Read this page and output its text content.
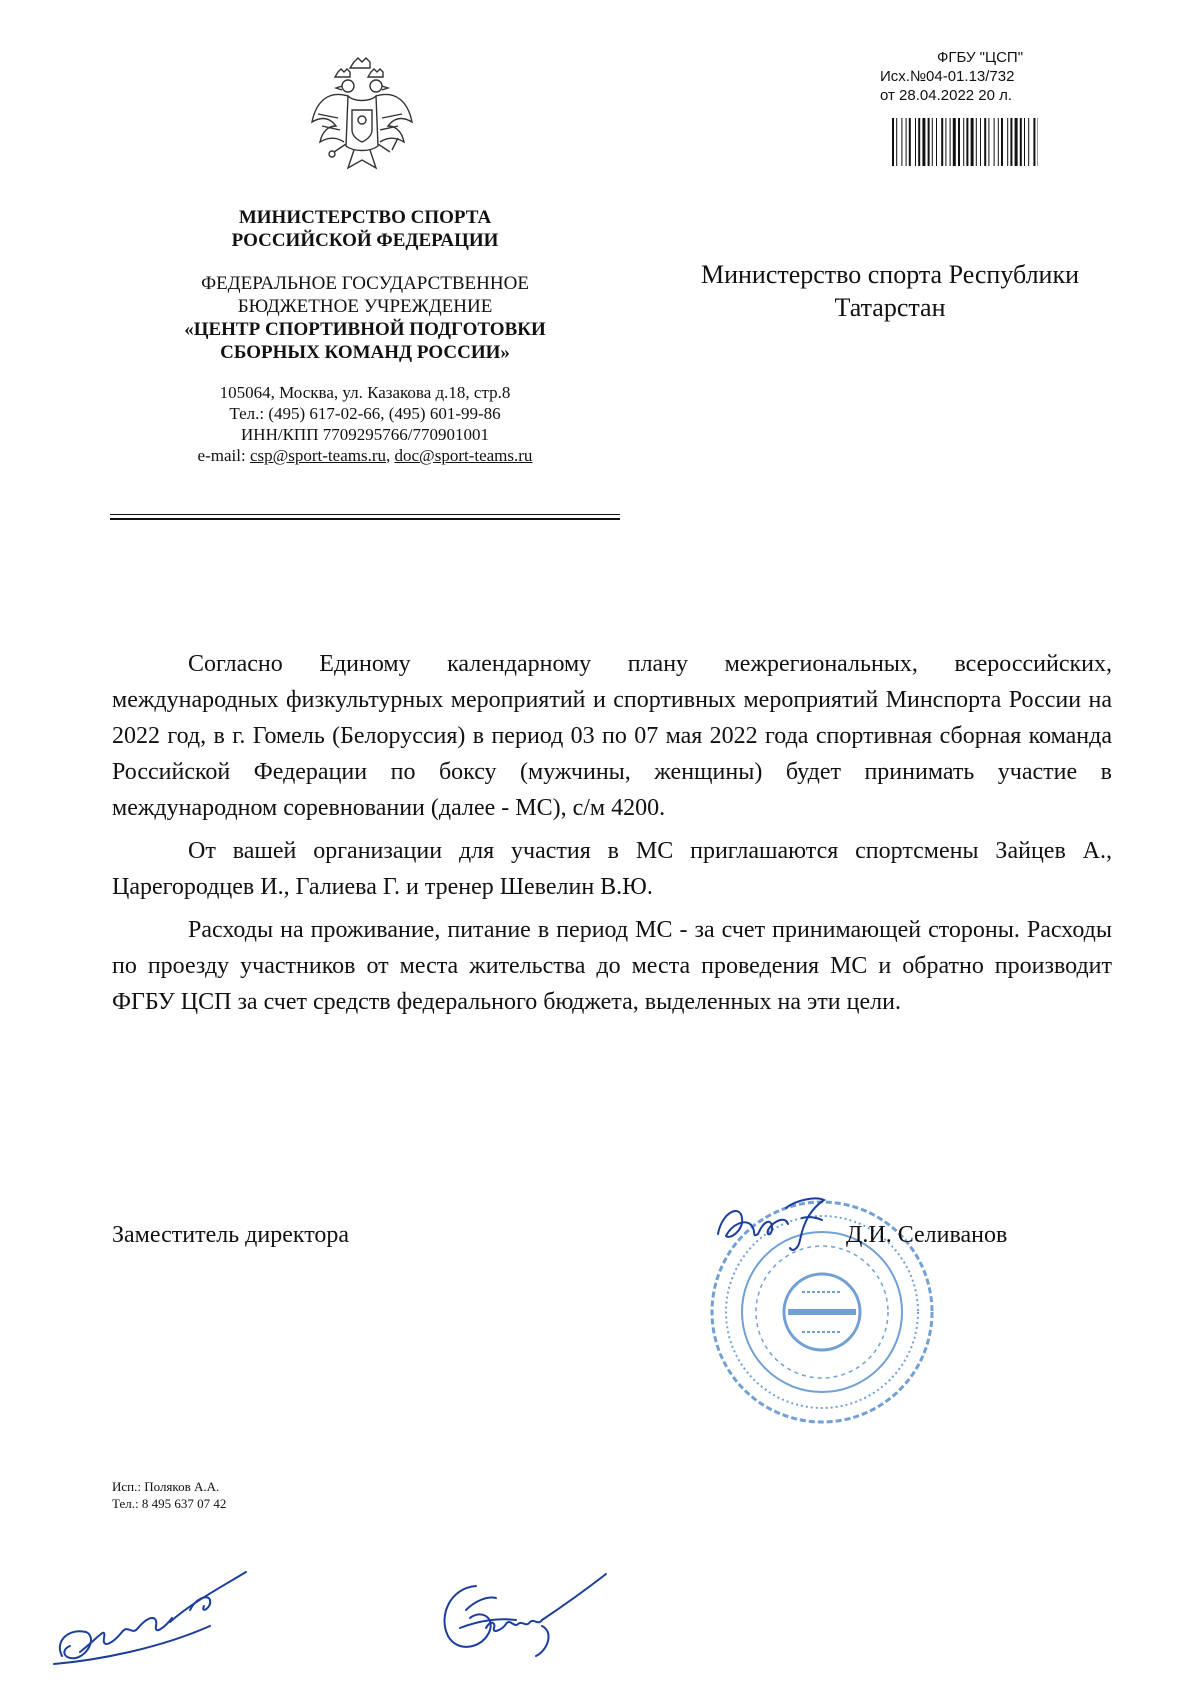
ФГБУ "ЦСП"
Исх.№04-01.13/732
от 28.04.2022 20 л.
МИНИСТЕРСТВО СПОРТА
РОССИЙСКОЙ ФЕДЕРАЦИИ
ФЕДЕРАЛЬНОЕ ГОСУДАРСТВЕННОЕ
БЮДЖЕТНОЕ УЧРЕЖДЕНИЕ
«ЦЕНТР СПОРТИВНОЙ ПОДГОТОВКИ
СБОРНЫХ КОМАНД РОССИИ»
105064, Москва, ул. Казакова д.18, стр.8
Тел.: (495) 617-02-66, (495) 601-99-86
ИНН/КПП 7709295766/770901001
e-mail: csp@sport-teams.ru, doc@sport-teams.ru
Министерство спорта Республики
Татарстан

Согласно Единому календарному плану межрегиональных, всероссийских, международных физкультурных мероприятий и спортивных мероприятий Минспорта России на 2022 год, в г. Гомель (Белоруссия) в период 03 по 07 мая 2022 года спортивная сборная команда Российской Федерации по боксу (мужчины, женщины) будет принимать участие в международном соревновании (далее - МС), с/м 4200.

От вашей организации для участия в МС приглашаются спортсмены Зайцев А., Царегородцев И., Галиева Г. и тренер Шевелин В.Ю.

Расходы на проживание, питание в период МС - за счет принимающей стороны. Расходы по проезду участников от места жительства до места проведения МС и обратно производит ФГБУ ЦСП за счет средств федерального бюджета, выделенных на эти цели.

Заместитель директора	Д.И. Селиванов
Исп.: Поляков А.А.
Тел.: 8 495 637 07 42
